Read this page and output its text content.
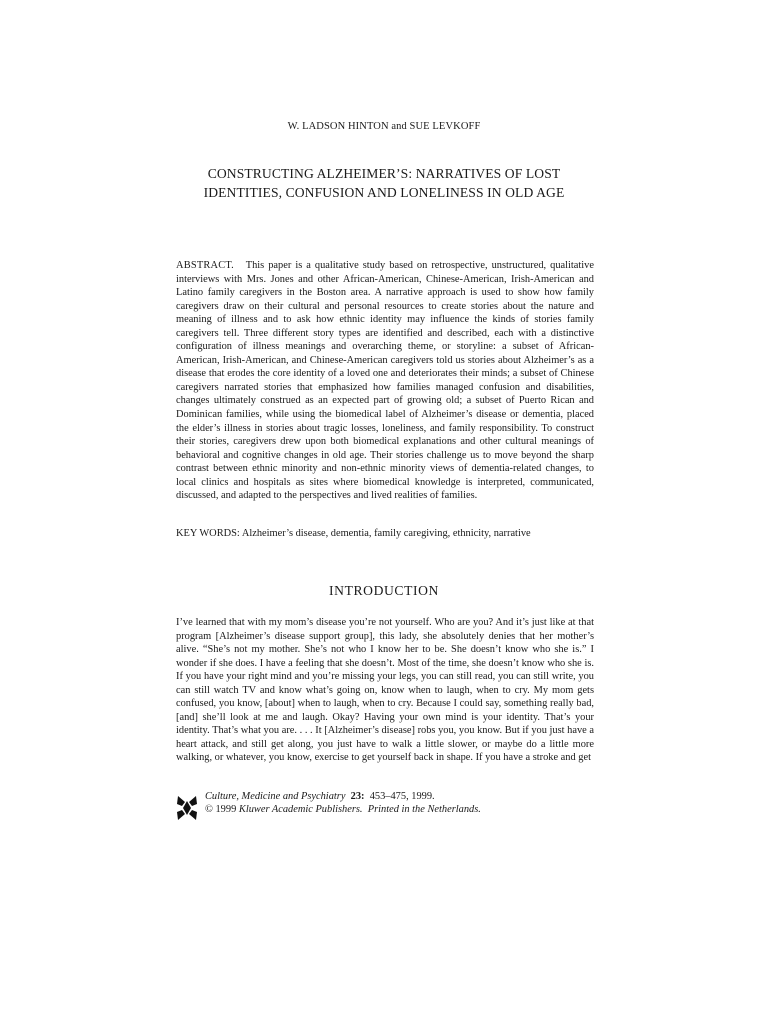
W. LADSON HINTON and SUE LEVKOFF
CONSTRUCTING ALZHEIMER’S: NARRATIVES OF LOST
IDENTITIES, CONFUSION AND LONELINESS IN OLD AGE
ABSTRACT. This paper is a qualitative study based on retrospective, unstructured, qualitative interviews with Mrs. Jones and other African-American, Chinese-American, Irish-American and Latino family caregivers in the Boston area. A narrative approach is used to show how family caregivers draw on their cultural and personal resources to create stories about the nature and meaning of illness and to ask how ethnic identity may influence the kinds of stories family caregivers tell. Three different story types are identified and described, each with a distinctive configuration of illness meanings and overarching theme, or storyline: a subset of African-American, Irish-American, and Chinese-American caregivers told us stories about Alzheimer’s as a disease that erodes the core identity of a loved one and deteriorates their minds; a subset of Chinese caregivers narrated stories that emphasized how families managed confusion and disabilities, changes ultimately construed as an expected part of growing old; a subset of Puerto Rican and Dominican families, while using the biomedical label of Alzheimer’s disease or dementia, placed the elder’s illness in stories about tragic losses, loneliness, and family responsibility. To construct their stories, caregivers drew upon both biomedical explanations and other cultural meanings of behavioral and cognitive changes in old age. Their stories challenge us to move beyond the sharp contrast between ethnic minority and non-ethnic minority views of dementia-related changes, to local clinics and hospitals as sites where biomedical knowledge is interpreted, communicated, discussed, and adapted to the perspectives and lived realities of families.
KEY WORDS: Alzheimer’s disease, dementia, family caregiving, ethnicity, narrative
INTRODUCTION
I’ve learned that with my mom’s disease you’re not yourself. Who are you? And it’s just like at that program [Alzheimer’s disease support group], this lady, she absolutely denies that her mother’s alive. “She’s not my mother. She’s not who I know her to be. She doesn’t know who she is.” I wonder if she does. I have a feeling that she doesn’t. Most of the time, she doesn’t know who she is. If you have your right mind and you’re missing your legs, you can still read, you can still write, you can still watch TV and know what’s going on, know when to laugh, when to cry. My mom gets confused, you know, [about] when to laugh, when to cry. Because I could say, something really bad, [and] she’ll look at me and laugh. Okay? Having your own mind is your identity. That’s your identity. That’s what you are. . . . It [Alzheimer’s disease] robs you, you know. But if you just have a heart attack, and still get along, you just have to walk a little slower, or maybe do a little more walking, or whatever, you know, exercise to get yourself back in shape. If you have a stroke and get
Culture, Medicine and Psychiatry 23: 453–475, 1999.
© 1999 Kluwer Academic Publishers. Printed in the Netherlands.
